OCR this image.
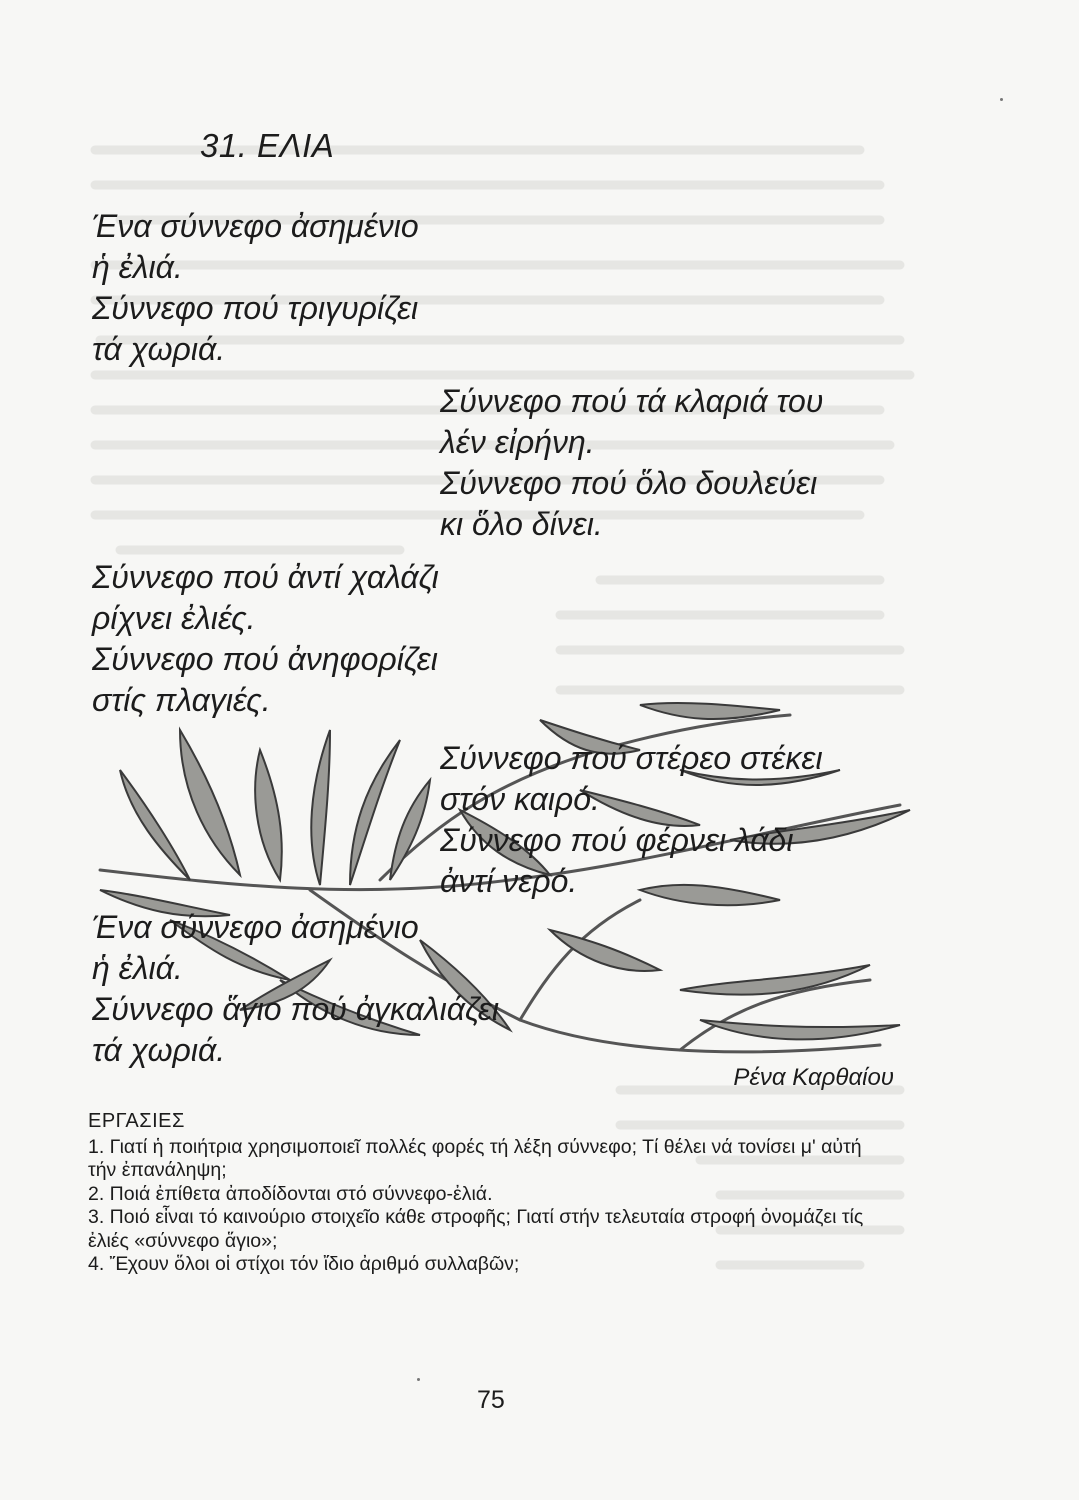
31. ΕΛΙΑ
Ένα σύννεφο ἀσημένιο
ἡ ἐλιά.
Σύννεφο πού τριγυρίζει
τά χωριά.
Σύννεφο πού τά κλαριά του
λέν εἰρήνη.
Σύννεφο πού ὅλο δουλεύει
κι ὅλο δίνει.
Σύννεφο πού ἀντί χαλάζι
ρίχνει ἐλιές.
Σύννεφο πού ἀνηφορίζει
στίς πλαγιές.
Σύννεφο πού στέρεο στέκει
στόν καιρό.
Σύννεφο πού φέρνει λάδι
ἀντί νερό.
Ένα σύννεφο ἀσημένιο
ἡ ἐλιά.
Σύννεφο ἅγιο πού ἀγκαλιάζει
τά χωριά.
Ρένα Καρθαίου
ΕΡΓΑΣΙΕΣ
1. Γιατί ἡ ποιήτρια χρησιμοποιεῖ πολλές φορές τή λέξη σύννεφο; Τί θέλει νά τονίσει μ' αὐτή τήν ἐπανάληψη;
2. Ποιά ἐπίθετα ἀποδίδονται στό σύννεφο-ἐλιά.
3. Ποιό εἶναι τό καινούριο στοιχεῖο κάθε στροφῆς; Γιατί στήν τελευταία στροφή ὀνομάζει τίς ἐλιές «σύννεφο ἅγιο»;
4. Ἔχουν ὅλοι οἱ στίχοι τόν ἴδιο ἀριθμό συλλαβῶν;
75
